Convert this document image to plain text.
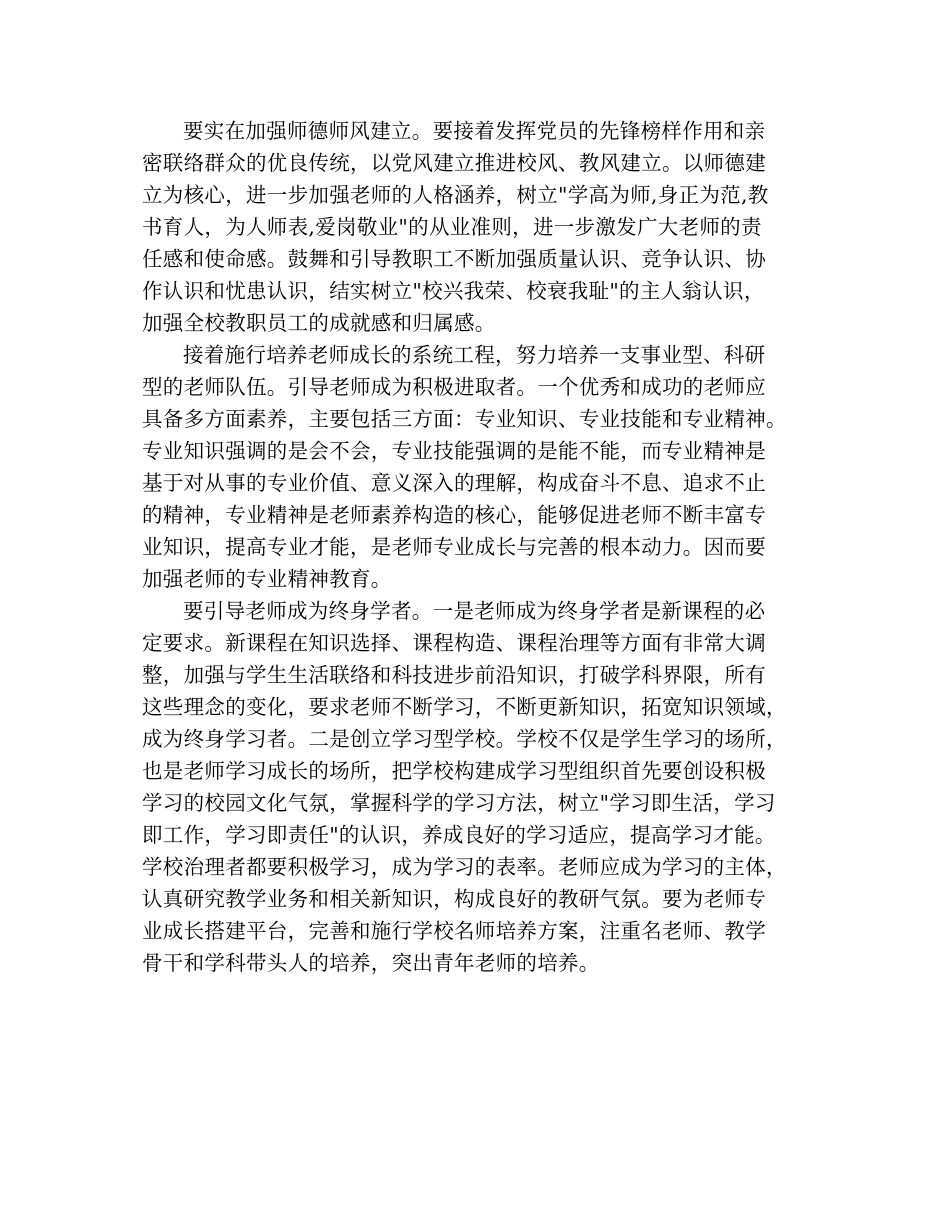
要实在加强师德师风建立。要接着发挥党员的先锋榜样作用和亲
密联络群众的优良传统，以党风建立推进校风、教风建立。以师德建
立为核心，进一步加强老师的人格涵养，树立"学高为师,身正为范,教
书育人，为人师表,爱岗敬业"的从业准则，进一步激发广大老师的责
任感和使命感。鼓舞和引导教职工不断加强质量认识、竞争认识、协
作认识和忧患认识，结实树立"校兴我荣、校衰我耻"的主人翁认识，
加强全校教职员工的成就感和归属感。
接着施行培养老师成长的系统工程，努力培养一支事业型、科研
型的老师队伍。引导老师成为积极进取者。一个优秀和成功的老师应
具备多方面素养，主要包括三方面：专业知识、专业技能和专业精神。
专业知识强调的是会不会，专业技能强调的是能不能，而专业精神是
基于对从事的专业价值、意义深入的理解，构成奋斗不息、追求不止
的精神，专业精神是老师素养构造的核心，能够促进老师不断丰富专
业知识，提高专业才能，是老师专业成长与完善的根本动力。因而要
加强老师的专业精神教育。
要引导老师成为终身学者。一是老师成为终身学者是新课程的必
定要求。新课程在知识选择、课程构造、课程治理等方面有非常大调
整，加强与学生生活联络和科技进步前沿知识，打破学科界限，所有
这些理念的变化，要求老师不断学习，不断更新知识，拓宽知识领域，
成为终身学习者。二是创立学习型学校。学校不仅是学生学习的场所，
也是老师学习成长的场所，把学校构建成学习型组织首先要创设积极
学习的校园文化气氛，掌握科学的学习方法，树立"学习即生活，学习
即工作，学习即责任"的认识，养成良好的学习适应，提高学习才能。
学校治理者都要积极学习，成为学习的表率。老师应成为学习的主体，
认真研究教学业务和相关新知识，构成良好的教研气氛。要为老师专
业成长搭建平台，完善和施行学校名师培养方案，注重名老师、教学
骨干和学科带头人的培养，突出青年老师的培养。
